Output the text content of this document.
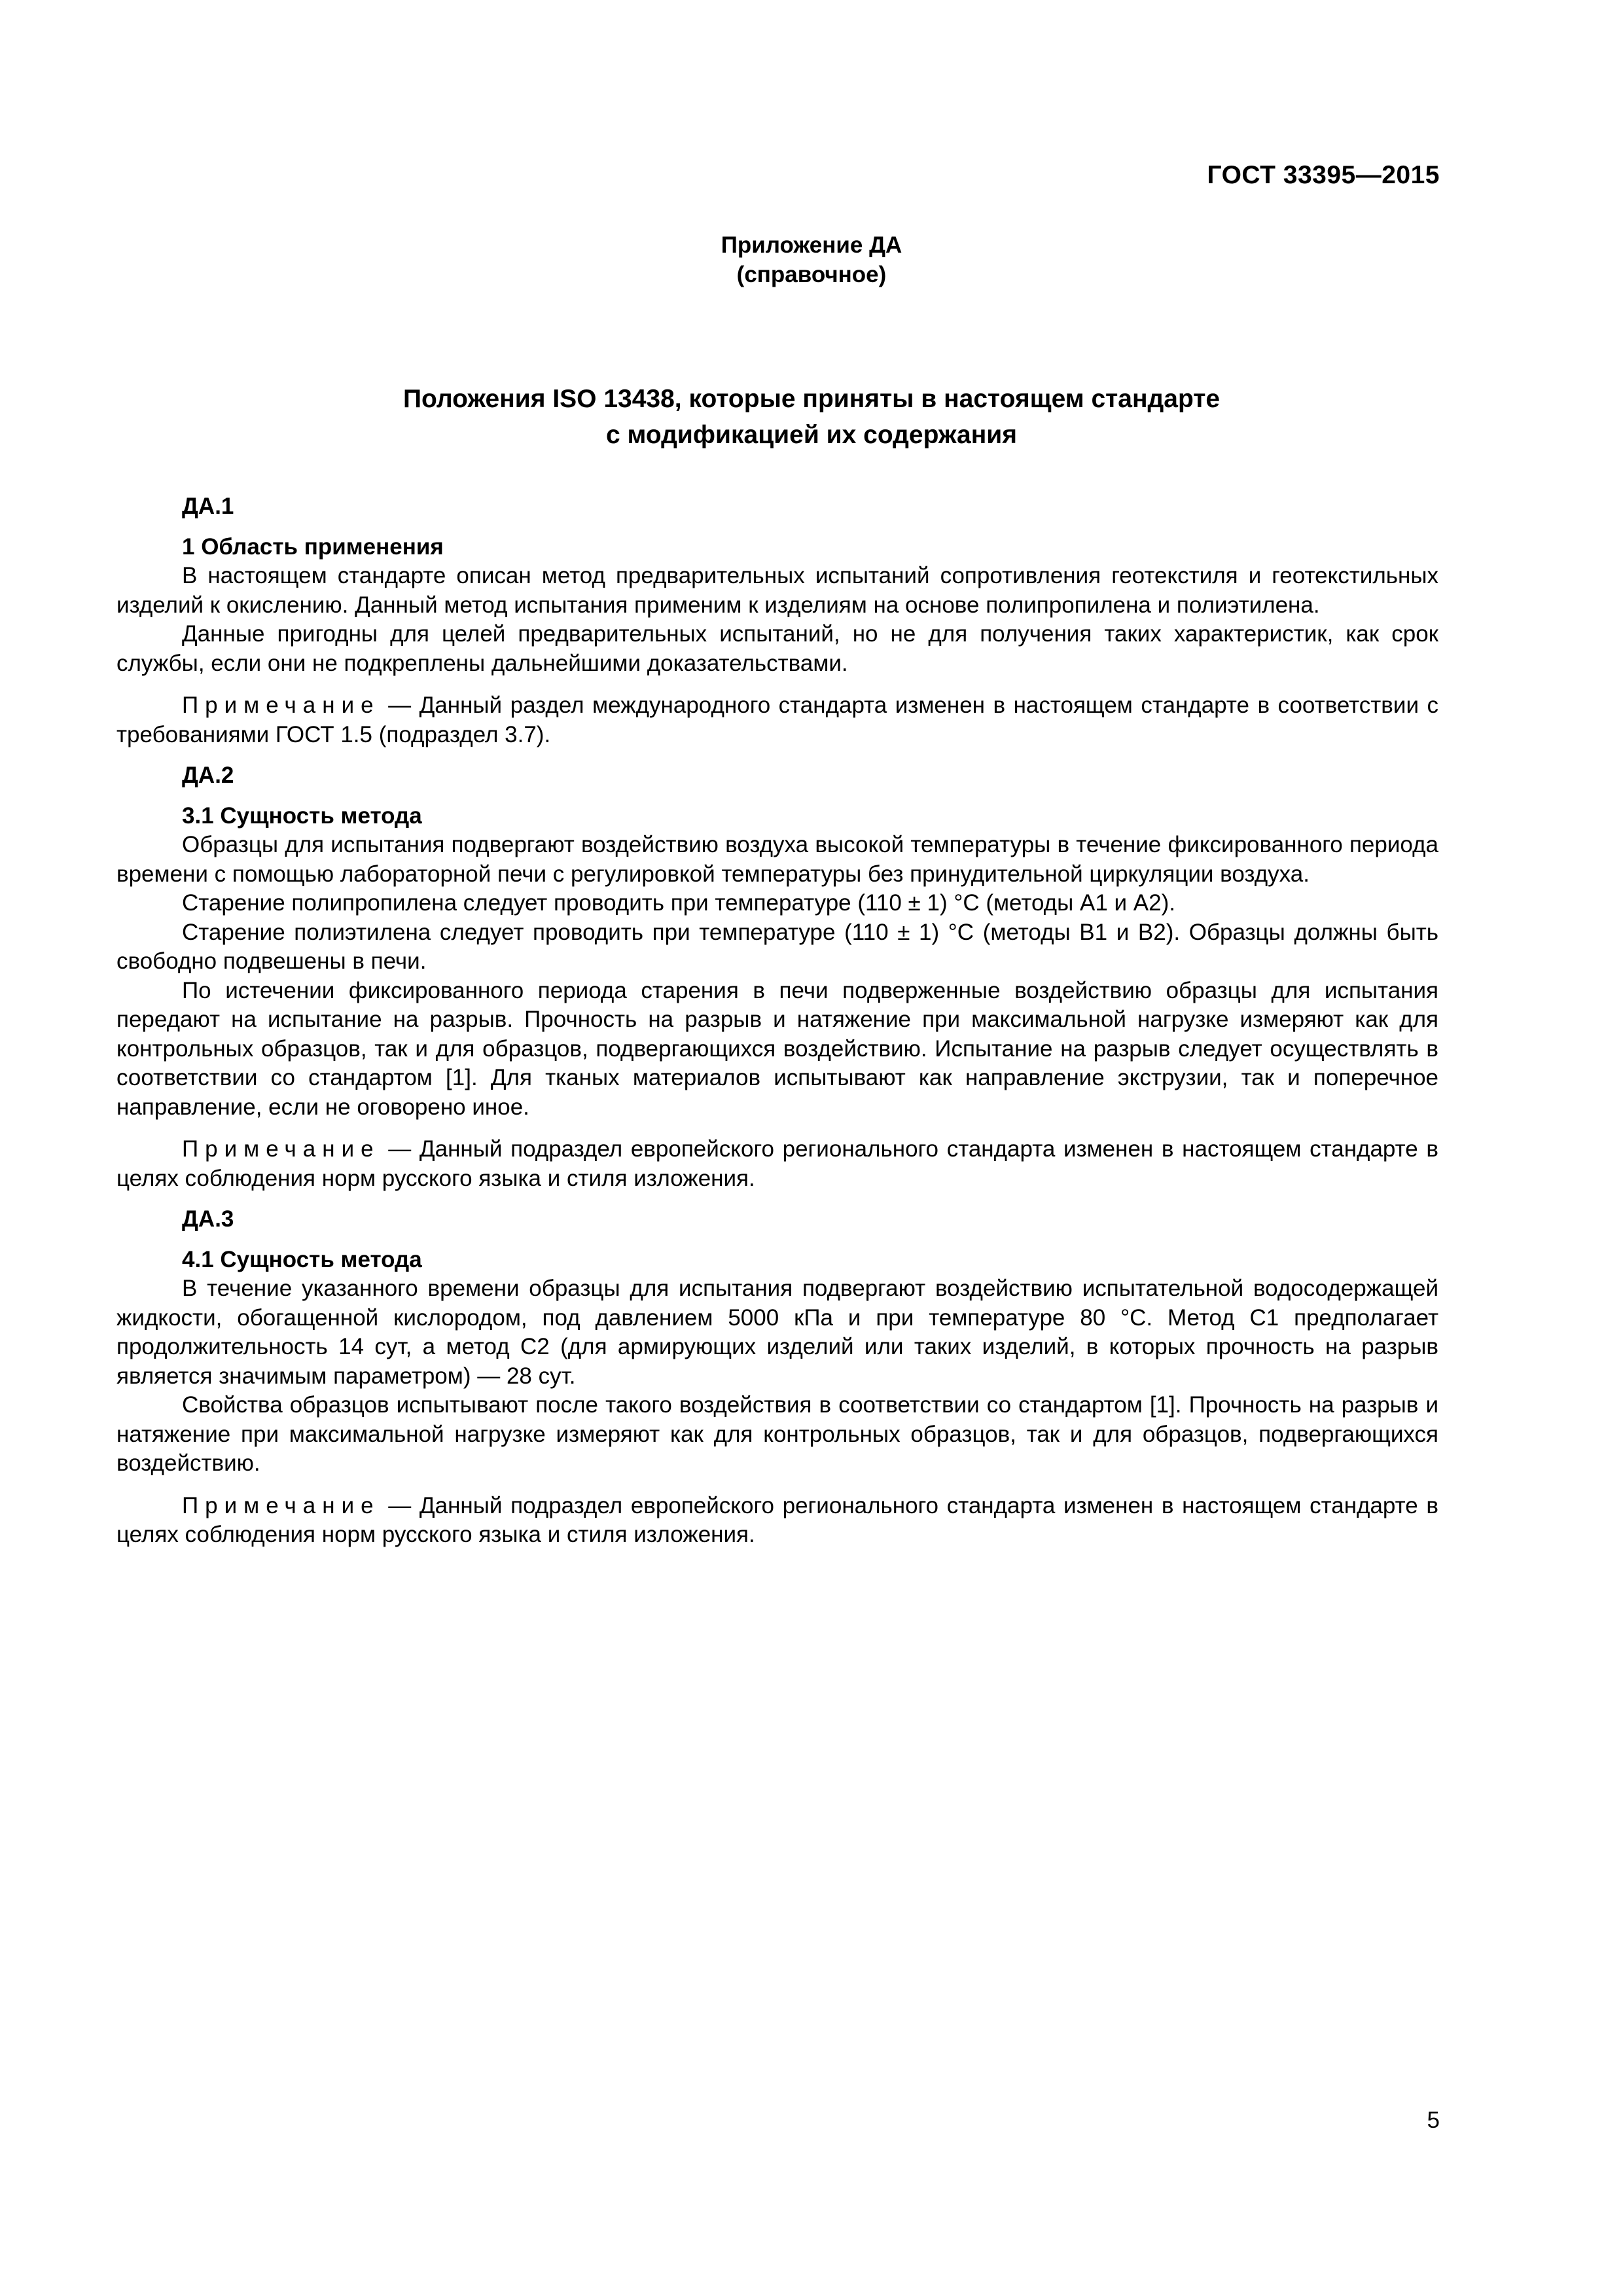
ГОСТ 33395—2015
Приложение ДА
(справочное)
Положения ISO 13438, которые приняты в настоящем стандарте
с модификацией их содержания
ДА.1
1 Область применения

В настоящем стандарте описан метод предварительных испытаний сопротивления геотекстиля и геотекстильных изделий к окислению. Данный метод испытания применим к изделиям на основе полипропилена и полиэтилена.

Данные пригодны для целей предварительных испытаний, но не для получения таких характеристик, как срок службы, если они не подкреплены дальнейшими доказательствами.

Примечание — Данный раздел международного стандарта изменен в настоящем стандарте в соответствии с требованиями ГОСТ 1.5 (подраздел 3.7).

ДА.2
3.1 Сущность метода

Образцы для испытания подвергают воздействию воздуха высокой температуры в течение фиксированного периода времени с помощью лабораторной печи с регулировкой температуры без принудительной циркуляции воздуха.

Старение полипропилена следует проводить при температуре (110 ± 1) °С (методы А1 и А2).

Старение полиэтилена следует проводить при температуре (110 ± 1) °С (методы В1 и В2). Образцы должны быть свободно подвешены в печи.

По истечении фиксированного периода старения в печи подверженные воздействию образцы для испытания передают на испытание на разрыв. Прочность на разрыв и натяжение при максимальной нагрузке измеряют как для контрольных образцов, так и для образцов, подвергающихся воздействию. Испытание на разрыв следует осуществлять в соответствии со стандартом [1]. Для тканых материалов испытывают как направление экструзии, так и поперечное направление, если не оговорено иное.

Примечание — Данный подраздел европейского регионального стандарта изменен в настоящем стандарте в целях соблюдения норм русского языка и стиля изложения.

ДА.3
4.1 Сущность метода

В течение указанного времени образцы для испытания подвергают воздействию испытательной водосодержащей жидкости, обогащенной кислородом, под давлением 5000 кПа и при температуре 80 °С. Метод С1 предполагает продолжительность 14 сут, а метод С2 (для армирующих изделий или таких изделий, в которых прочность на разрыв является значимым параметром) — 28 сут.

Свойства образцов испытывают после такого воздействия в соответствии со стандартом [1]. Прочность на разрыв и натяжение при максимальной нагрузке измеряют как для контрольных образцов, так и для образцов, подвергающихся воздействию.

Примечание — Данный подраздел европейского регионального стандарта изменен в настоящем стандарте в целях соблюдения норм русского языка и стиля изложения.

5
